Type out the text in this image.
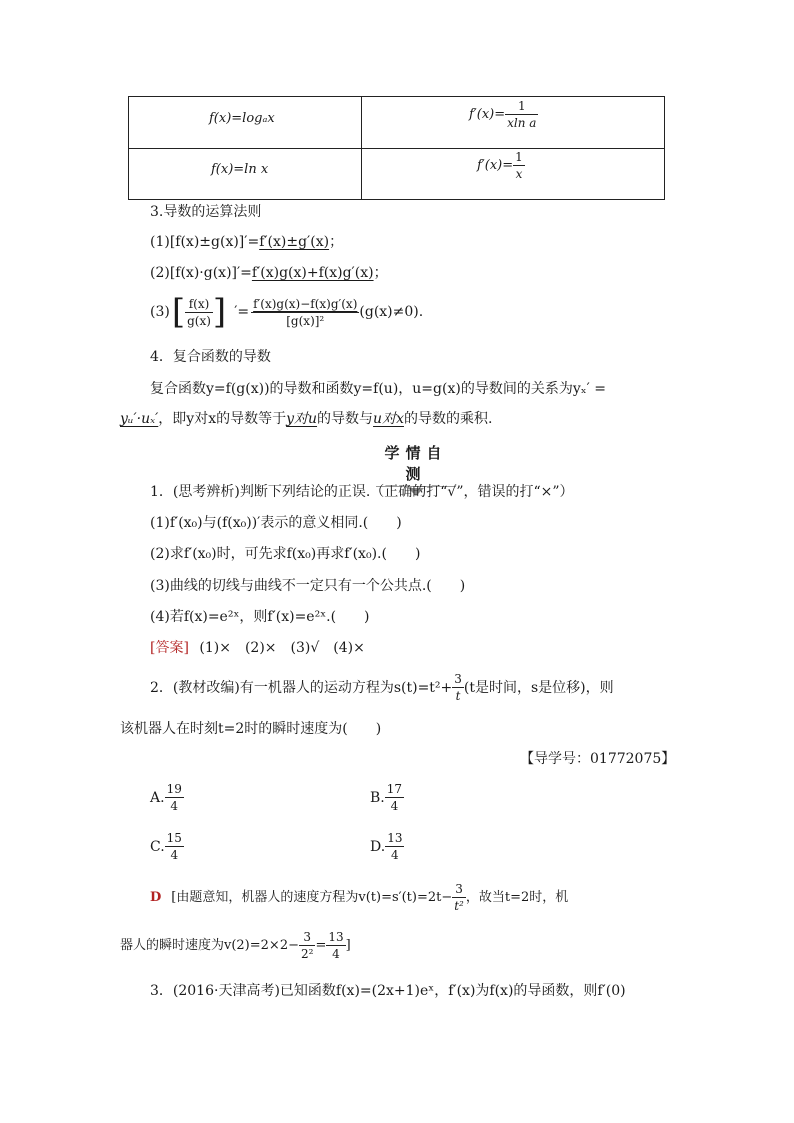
f(x)=logₐx	$f'(x)= \frac{1}{\text{xln a}}$
f(x)=ln x	$f'(x)= \frac{1}{x}$
3.导数的运算法则
(1)[f(x)±g(x)]′=f′(x)±g′(x)；
(2)[f(x)·g(x)]′=f′(x)g(x)+f(x)g′(x)；
(3) [ $\frac{f(x)}{g(x)}$ ] ′= $\frac{f'(x)g(x)-f(x)g'(x)}{\text{[g(x)]²}} (g(x)\ne 0)$.
4．复合函数的导数
复合函数y=f(g(x))的导数和函数y=f(u)，u=g(x)的导数间的关系为yₓ′ =
yᵤ′·uₓ′，即y对x的导数等于y对u的导数与u对x的导数的乘积.
学情自测
1．(思考辨析)判断下列结论的正误.（正确的打“√”，错误的打“×”）
(1)f′(x₀)与(f(x₀))′表示的意义相同.(　　)
(2)求f′(x₀)时，可先求f(x₀)再求f′(x₀).(　　)
(3)曲线的切线与曲线不一定只有一个公共点.(　　)
(4)若f(x)=e²ˣ，则f′(x)=e²ˣ.(　　)
[答案] (1)×　(2)×　(3)√　(4)×
2．(教材改编)有一机器人的运动方程为$s(t)=t^2+ \frac{3}{t} (t$是时间，s是位移)，则
该机器人在时刻t=2时的瞬时速度为(　　)
【导学号：01772075】
A. $\frac{19}{4}$	B. $\frac{17}{4}$
C. $\frac{15}{4}$	D. $\frac{13}{4}$
D [由题意知，机器人的速度方程为$v(t)=s'(t)=2t- \frac{3}{\text{t²}}$ ，故当t=2时，机
器人的瞬时速度为$v(2)=2\times 2- \frac{3}{\text{2²}} = \frac{13}{4}$ ]
3．(2016·天津高考)已知函数f(x)=(2x+1)eˣ，f′(x)为f(x)的导函数，则f′(0)
